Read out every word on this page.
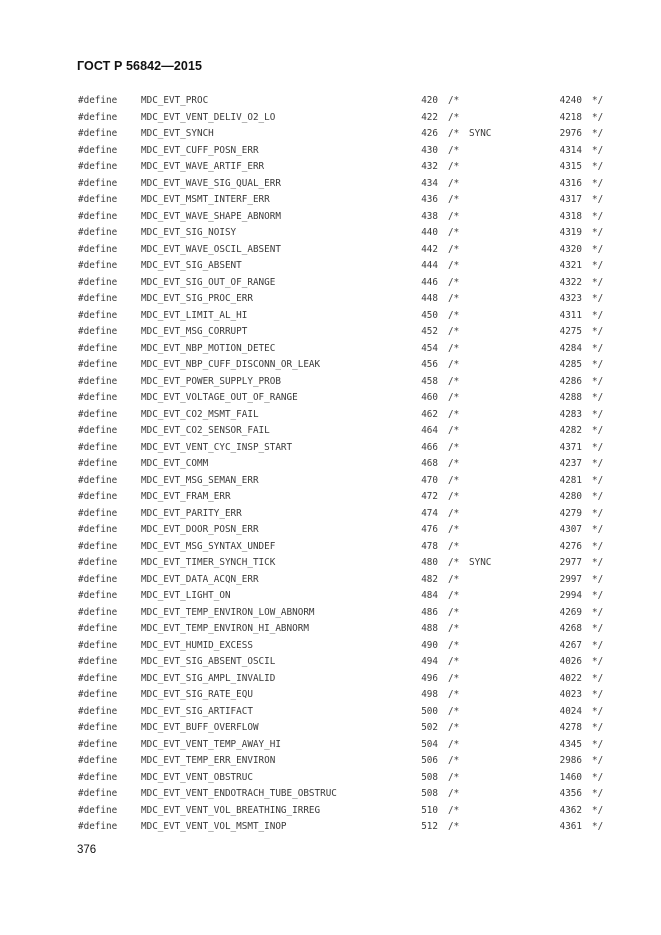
ГОСТ Р 56842—2015
#define	MDC_EVT_PROC	420 /*	4240 */
#define	MDC_EVT_VENT_DELIV_O2_LO	422 /*	4218 */
#define	MDC_EVT_SYNCH	426 /* SYNC	2976 */
#define	MDC_EVT_CUFF_POSN_ERR	430 /*	4314 */
#define	MDC_EVT_WAVE_ARTIF_ERR	432 /*	4315 */
#define	MDC_EVT_WAVE_SIG_QUAL_ERR	434 /*	4316 */
#define	MDC_EVT_MSMT_INTERF_ERR	436 /*	4317 */
#define	MDC_EVT_WAVE_SHAPE_ABNORM	438 /*	4318 */
#define	MDC_EVT_SIG_NOISY	440 /*	4319 */
#define	MDC_EVT_WAVE_OSCIL_ABSENT	442 /*	4320 */
#define	MDC_EVT_SIG_ABSENT	444 /*	4321 */
#define	MDC_EVT_SIG_OUT_OF_RANGE	446 /*	4322 */
#define	MDC_EVT_SIG_PROC_ERR	448 /*	4323 */
#define	MDC_EVT_LIMIT_AL_HI	450 /*	4311 */
#define	MDC_EVT_MSG_CORRUPT	452 /*	4275 */
#define	MDC_EVT_NBP_MOTION_DETEC	454 /*	4284 */
#define	MDC_EVT_NBP_CUFF_DISCONN_OR_LEAK	456 /*	4285 */
#define	MDC_EVT_POWER_SUPPLY_PROB	458 /*	4286 */
#define	MDC_EVT_VOLTAGE_OUT_OF_RANGE	460 /*	4288 */
#define	MDC_EVT_CO2_MSMT_FAIL	462 /*	4283 */
#define	MDC_EVT_CO2_SENSOR_FAIL	464 /*	4282 */
#define	MDC_EVT_VENT_CYC_INSP_START	466 /*	4371 */
#define	MDC_EVT_COMM	468 /*	4237 */
#define	MDC_EVT_MSG_SEMAN_ERR	470 /*	4281 */
#define	MDC_EVT_FRAM_ERR	472 /*	4280 */
#define	MDC_EVT_PARITY_ERR	474 /*	4279 */
#define	MDC_EVT_DOOR_POSN_ERR	476 /*	4307 */
#define	MDC_EVT_MSG_SYNTAX_UNDEF	478 /*	4276 */
#define	MDC_EVT_TIMER_SYNCH_TICK	480 /* SYNC	2977 */
#define	MDC_EVT_DATA_ACQN_ERR	482 /*	2997 */
#define	MDC_EVT_LIGHT_ON	484 /*	2994 */
#define	MDC_EVT_TEMP_ENVIRON_LOW_ABNORM	486 /*	4269 */
#define	MDC_EVT_TEMP_ENVIRON_HI_ABNORM	488 /*	4268 */
#define	MDC_EVT_HUMID_EXCESS	490 /*	4267 */
#define	MDC_EVT_SIG_ABSENT_OSCIL	494 /*	4026 */
#define	MDC_EVT_SIG_AMPL_INVALID	496 /*	4022 */
#define	MDC_EVT_SIG_RATE_EQU	498 /*	4023 */
#define	MDC_EVT_SIG_ARTIFACT	500 /*	4024 */
#define	MDC_EVT_BUFF_OVERFLOW	502 /*	4278 */
#define	MDC_EVT_VENT_TEMP_AWAY_HI	504 /*	4345 */
#define	MDC_EVT_TEMP_ERR_ENVIRON	506 /*	2986 */
#define	MDC_EVT_VENT_OBSTRUC	508 /*	1460 */
#define	MDC_EVT_VENT_ENDOTRACH_TUBE_OBSTRUC	508 /*	4356 */
#define	MDC_EVT_VENT_VOL_BREATHING_IRREG	510 /*	4362 */
#define	MDC_EVT_VENT_VOL_MSMT_INOP	512 /*	4361 */
376
